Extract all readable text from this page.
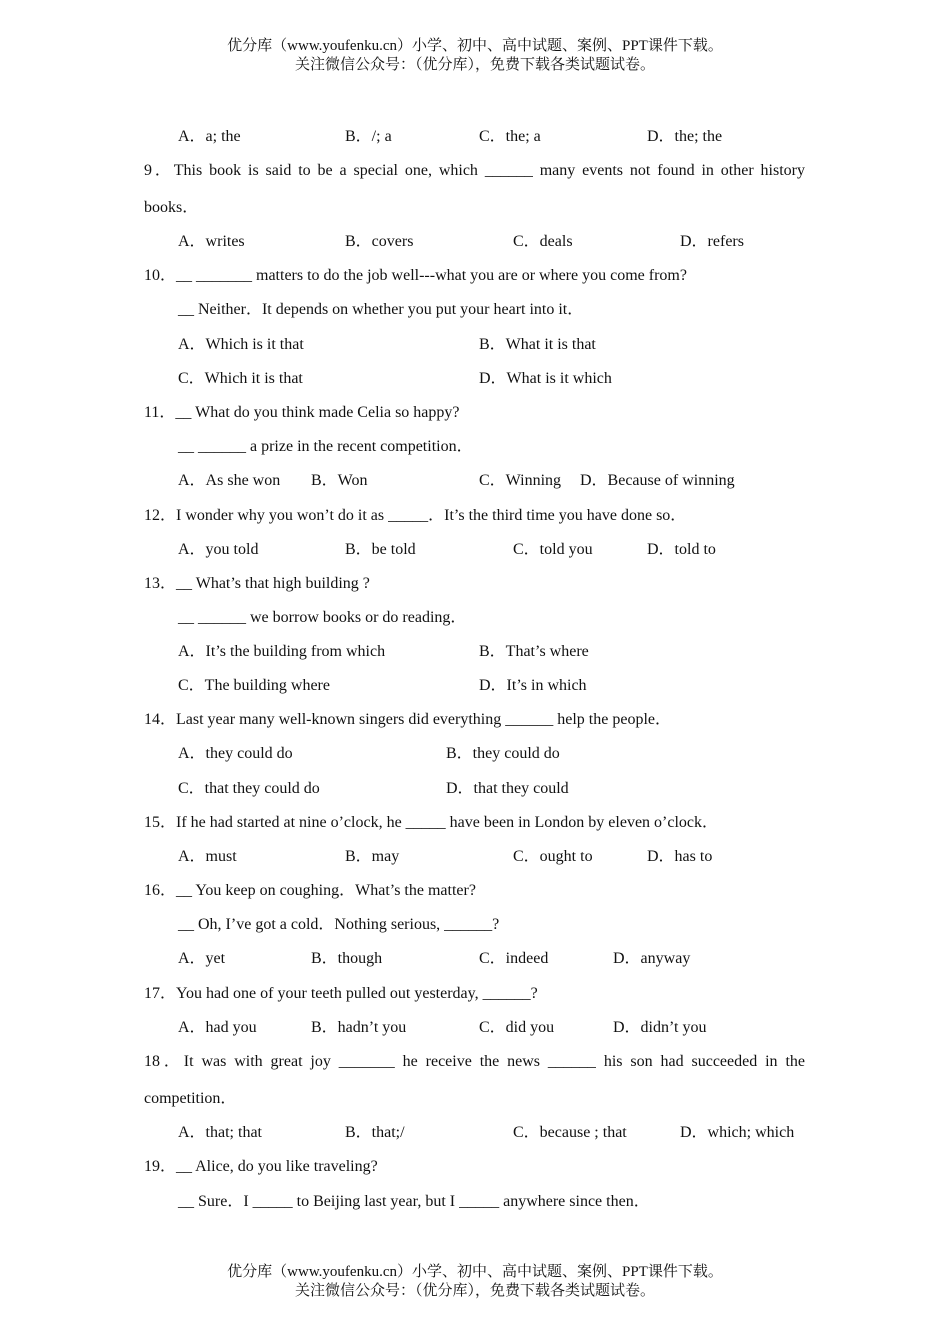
优分库（www.youfenku.cn）小学、初中、高中试题、案例、PPT课件下载。
关注微信公众号：（优分库），免费下载各类试题试卷。
A．a; the	B．/; a	C．the; a	D．the; the
9．This book is said to be a special one, which ______ many events not found in other history
books．
A．writes	B．covers	C．deals	D．refers
10．__ _______ matters to do the job well---what you are or where you come from?
__ Neither．It depends on whether you put your heart into it．
A．Which is it that	B．What it is that
C．Which it is that	D．What is it which
11．__ What do you think made Celia so happy?
__ ______ a prize in the recent competition．
A．As she won B．Won	C．Winning D．Because of winning
12．I wonder why you won’t do it as _____．It’s the third time you have done so．
A．you told	B．be told	C．told you	D．told to
13．__ What’s that high building ?
__ ______ we borrow books or do reading．
A．It’s the building from which	B．That’s where
C．The building where	D．It’s in which
14．Last year many well-known singers did everything ______ help the people．
A．they could do	B．they could do
C．that they could do	D．that they could
15．If he had started at nine o’clock, he _____ have been in London by eleven o’clock．
A．must	B．may	C．ought to	D．has to
16．__ You keep on coughing．What’s the matter?
__ Oh, I’ve got a cold．Nothing serious, ______?
A．yet	B．though	C．indeed	D．anyway
17．You had one of your teeth pulled out yesterday, ______?
A．had you	B．hadn’t you	C．did you	D．didn’t you
18．It was with great joy _______ he receive the news ______ his son had succeeded in the
competition．
A．that; that	B．that;/	C．because ; that	D．which; which
19．__ Alice, do you like traveling?
__ Sure．I _____ to Beijing last year, but I _____ anywhere since then．
优分库（www.youfenku.cn）小学、初中、高中试题、案例、PPT课件下载。
关注微信公众号：（优分库），免费下载各类试题试卷。
